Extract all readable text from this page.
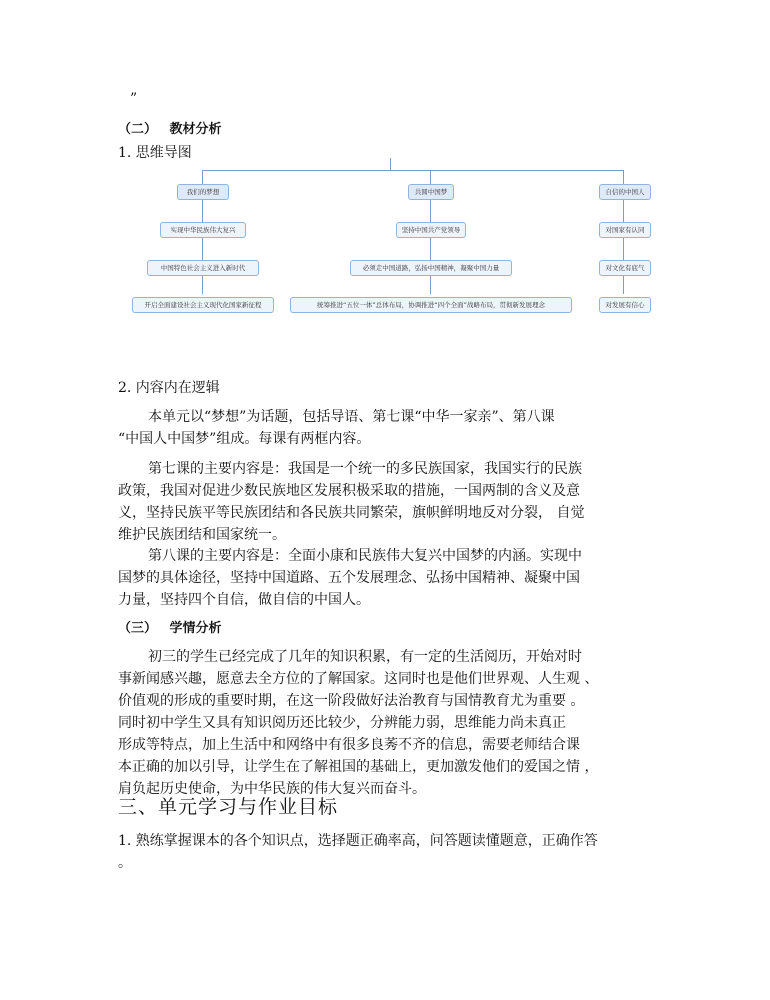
”
（二） 教材分析
1. 思维导图
我们的梦想
实现中华民族伟大复兴
中国特色社会主义进入新时代
开启全面建设社会主义现代化国家新征程
共圆中国梦
坚持中国共产党领导
必须走中国道路，弘扬中国精神，凝聚中国力量
统筹推进“五位一体”总体布局，协调推进“四个全面”战略布局，贯彻新发展理念
自信的中国人
对国家有认同
对文化有底气
对发展有信心
2. 内容内在逻辑
本单元以“梦想”为话题，包括导语、第七课“中华一家亲”、第八课
“中国人中国梦”组成。每课有两框内容。
第七课的主要内容是：我国是一个统一的多民族国家，我国实行的民族
政策，我国对促进少数民族地区发展积极采取的措施，一国两制的含义及意
义，坚持民族平等民族团结和各民族共同繁荣，旗帜鲜明地反对分裂， 自觉
维护民族团结和国家统一。
第八课的主要内容是：全面小康和民族伟大复兴中国梦的内涵。实现中
国梦的具体途径，坚持中国道路、五个发展理念、弘扬中国精神、凝聚中国
力量，坚持四个自信，做自信的中国人。
（三） 学情分析
初三的学生已经完成了几年的知识积累，有一定的生活阅历，开始对时
事新闻感兴趣，愿意去全方位的了解国家。这同时也是他们世界观、人生观 、
价值观的形成的重要时期，在这一阶段做好法治教育与国情教育尤为重要 。
同时初中学生又具有知识阅历还比较少，分辨能力弱，思维能力尚未真正
形成等特点，加上生活中和网络中有很多良莠不齐的信息，需要老师结合课
本正确的加以引导，让学生在了解祖国的基础上，更加激发他们的爱国之情 ，
肩负起历史使命，为中华民族的伟大复兴而奋斗。
三、单元学习与作业目标
1. 熟练掌握课本的各个知识点，选择题正确率高，问答题读懂题意，正确作答
。
